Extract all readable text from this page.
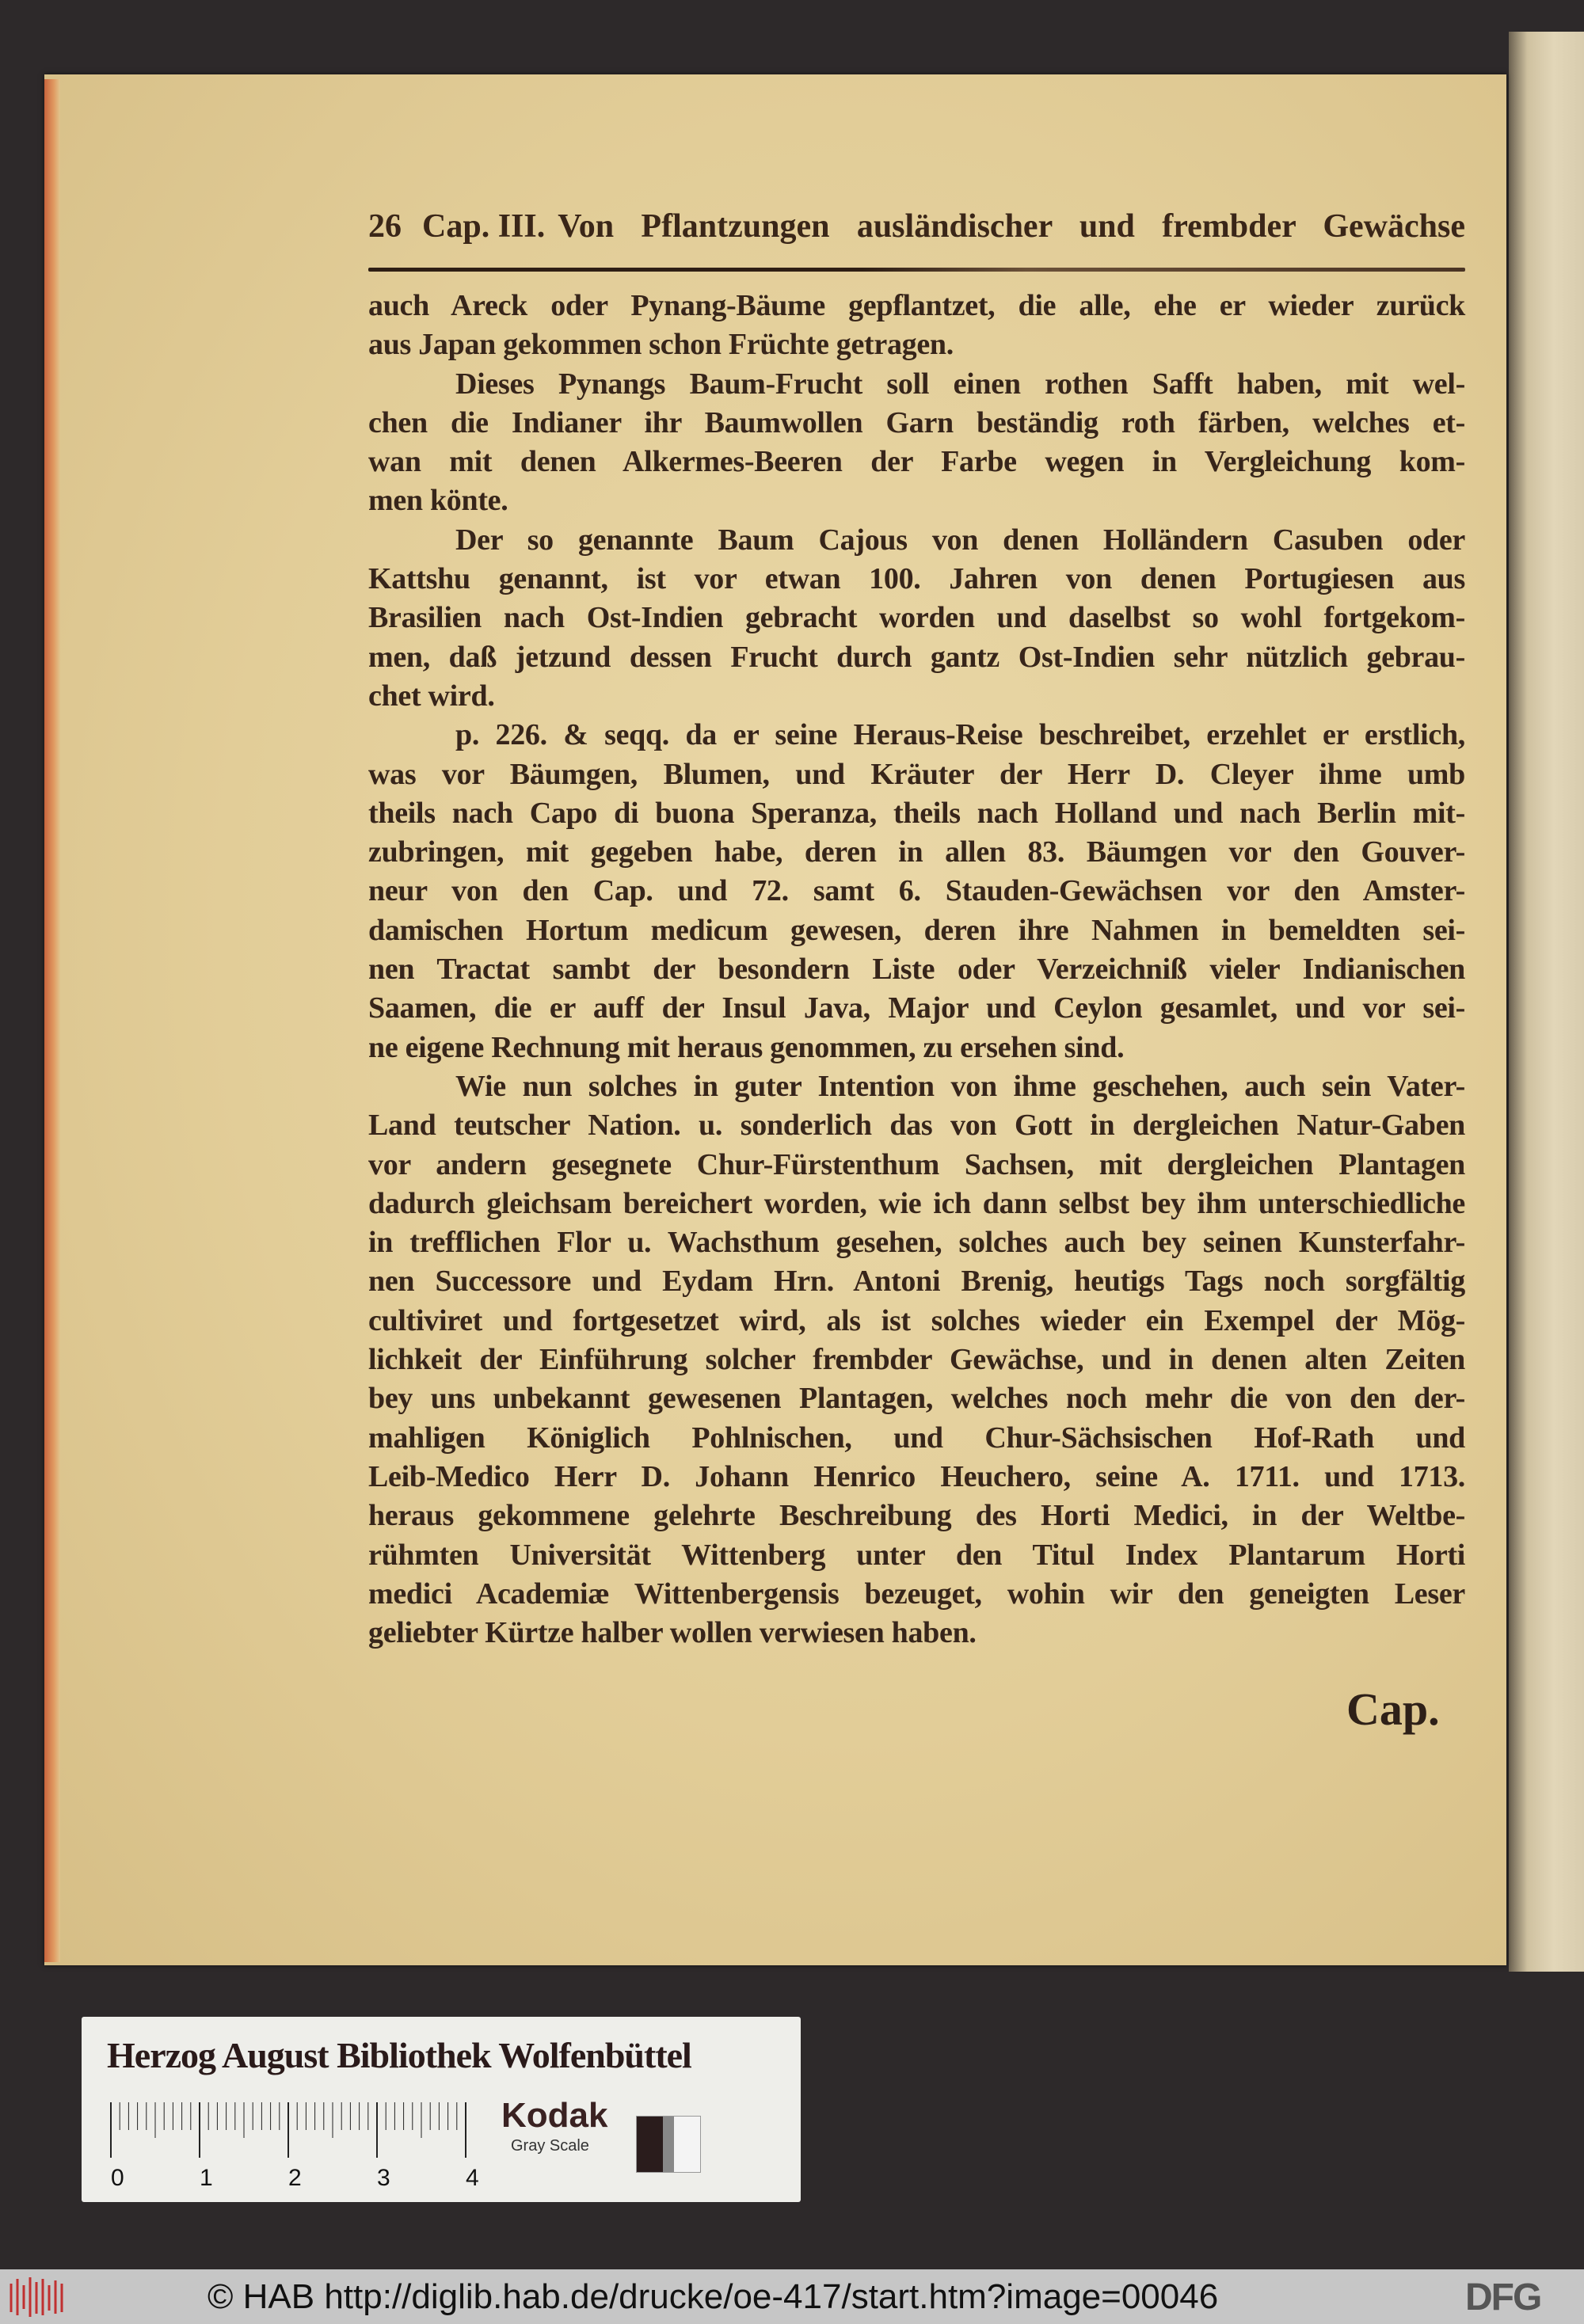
26 Cap. III. Von Pflantzungen ausländischer und frembder Gewächse
auch Areck oder Pynang-Bäume gepflantzet, die alle, ehe er wieder zurück
aus Japan gekommen schon Früchte getragen.
Dieses Pynangs Baum-Frucht soll einen rothen Safft haben, mit wel-
chen die Indianer ihr Baumwollen Garn beständig roth färben, welches et-
wan mit denen Alkermes-Beeren der Farbe wegen in Vergleichung kom-
men könte.
Der so genannte Baum Cajous von denen Holländern Casuben oder
Kattshu genannt, ist vor etwan 100. Jahren von denen Portugiesen aus
Brasilien nach Ost-Indien gebracht worden und daselbst so wohl fortgekom-
men, daß jetzund dessen Frucht durch gantz Ost-Indien sehr nützlich gebrau-
chet wird.
p. 226. & seqq. da er seine Heraus-Reise beschreibet, erzehlet er erstlich,
was vor Bäumgen, Blumen, und Kräuter der Herr D. Cleyer ihme umb
theils nach Capo di buona Speranza, theils nach Holland und nach Berlin mit-
zubringen, mit gegeben habe, deren in allen 83. Bäumgen vor den Gouver-
neur von den Cap. und 72. samt 6. Stauden-Gewächsen vor den Amster-
damischen Hortum medicum gewesen, deren ihre Nahmen in bemeldten sei-
nen Tractat sambt der besondern Liste oder Verzeichniß vieler Indianischen
Saamen, die er auff der Insul Java, Major und Ceylon gesamlet, und vor sei-
ne eigene Rechnung mit heraus genommen, zu ersehen sind.
Wie nun solches in guter Intention von ihme geschehen, auch sein Vater-
Land teutscher Nation. u. sonderlich das von Gott in dergleichen Natur-Gaben
vor andern gesegnete Chur-Fürstenthum Sachsen, mit dergleichen Plantagen
dadurch gleichsam bereichert worden, wie ich dann selbst bey ihm unterschiedliche
in trefflichen Flor u. Wachsthum gesehen, solches auch bey seinen Kunsterfahr-
nen Successore und Eydam Hrn. Antoni Brenig, heutigs Tags noch sorgfältig
cultiviret und fortgesetzet wird, als ist solches wieder ein Exempel der Mög-
lichkeit der Einführung solcher frembder Gewächse, und in denen alten Zeiten
bey uns unbekannt gewesenen Plantagen, welches noch mehr die von den der-
mahligen Königlich Pohlnischen, und Chur-Sächsischen Hof-Rath und
Leib-Medico Herr D. Johann Henrico Heuchero, seine A. 1711. und 1713.
heraus gekommene gelehrte Beschreibung des Horti Medici, in der Weltbe-
rühmten Universität Wittenberg unter den Titul Index Plantarum Horti
medici Academiæ Wittenbergensis bezeuget, wohin wir den geneigten Leser
geliebter Kürtze halber wollen verwiesen haben.
Cap.
Herzog August Bibliothek Wolfenbüttel
0	1	2	3	4
Kodak
Gray Scale
© HAB http://diglib.hab.de/drucke/oe-417/start.htm?image=00046	DFG
